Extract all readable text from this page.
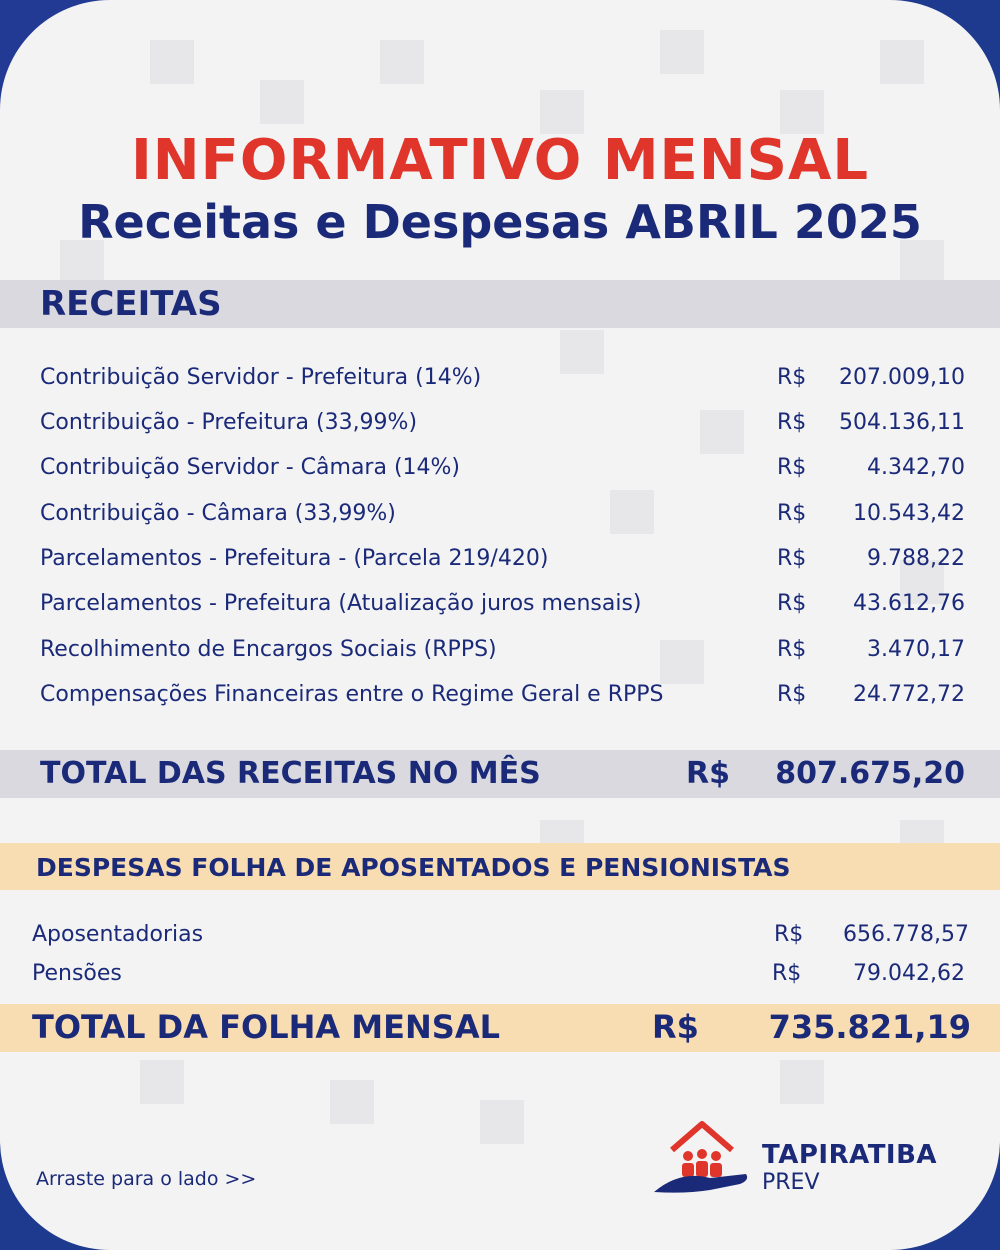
INFORMATIVO MENSAL
Receitas e Despesas ABRIL 2025
RECEITAS
Contribuição Servidor - Prefeitura (14%)	R$ 207.009,10
Contribuição - Prefeitura (33,99%)	R$ 504.136,11
Contribuição Servidor - Câmara (14%)	R$	4.342,70
Contribuição - Câmara (33,99%)	R$ 10.543,42
Parcelamentos - Prefeitura - (Parcela 219/420)	R$	9.788,22
Parcelamentos - Prefeitura (Atualização juros mensais)	R$ 43.612,76
Recolhimento de Encargos Sociais (RPPS)	R$	3.470,17
Compensações Financeiras entre o Regime Geral e RPPS	R$ 24.772,72
TOTAL DAS RECEITAS NO MÊS	R$ 807.675,20
DESPESAS FOLHA DE APOSENTADOS E PENSIONISTAS
Aposentadorias	R$ 656.778,57
Pensões	R$ 79.042,62
TOTAL DA FOLHA MENSAL	R$ 735.821,19
Arraste para o lado >>
TAPIRATIBA
PREV
